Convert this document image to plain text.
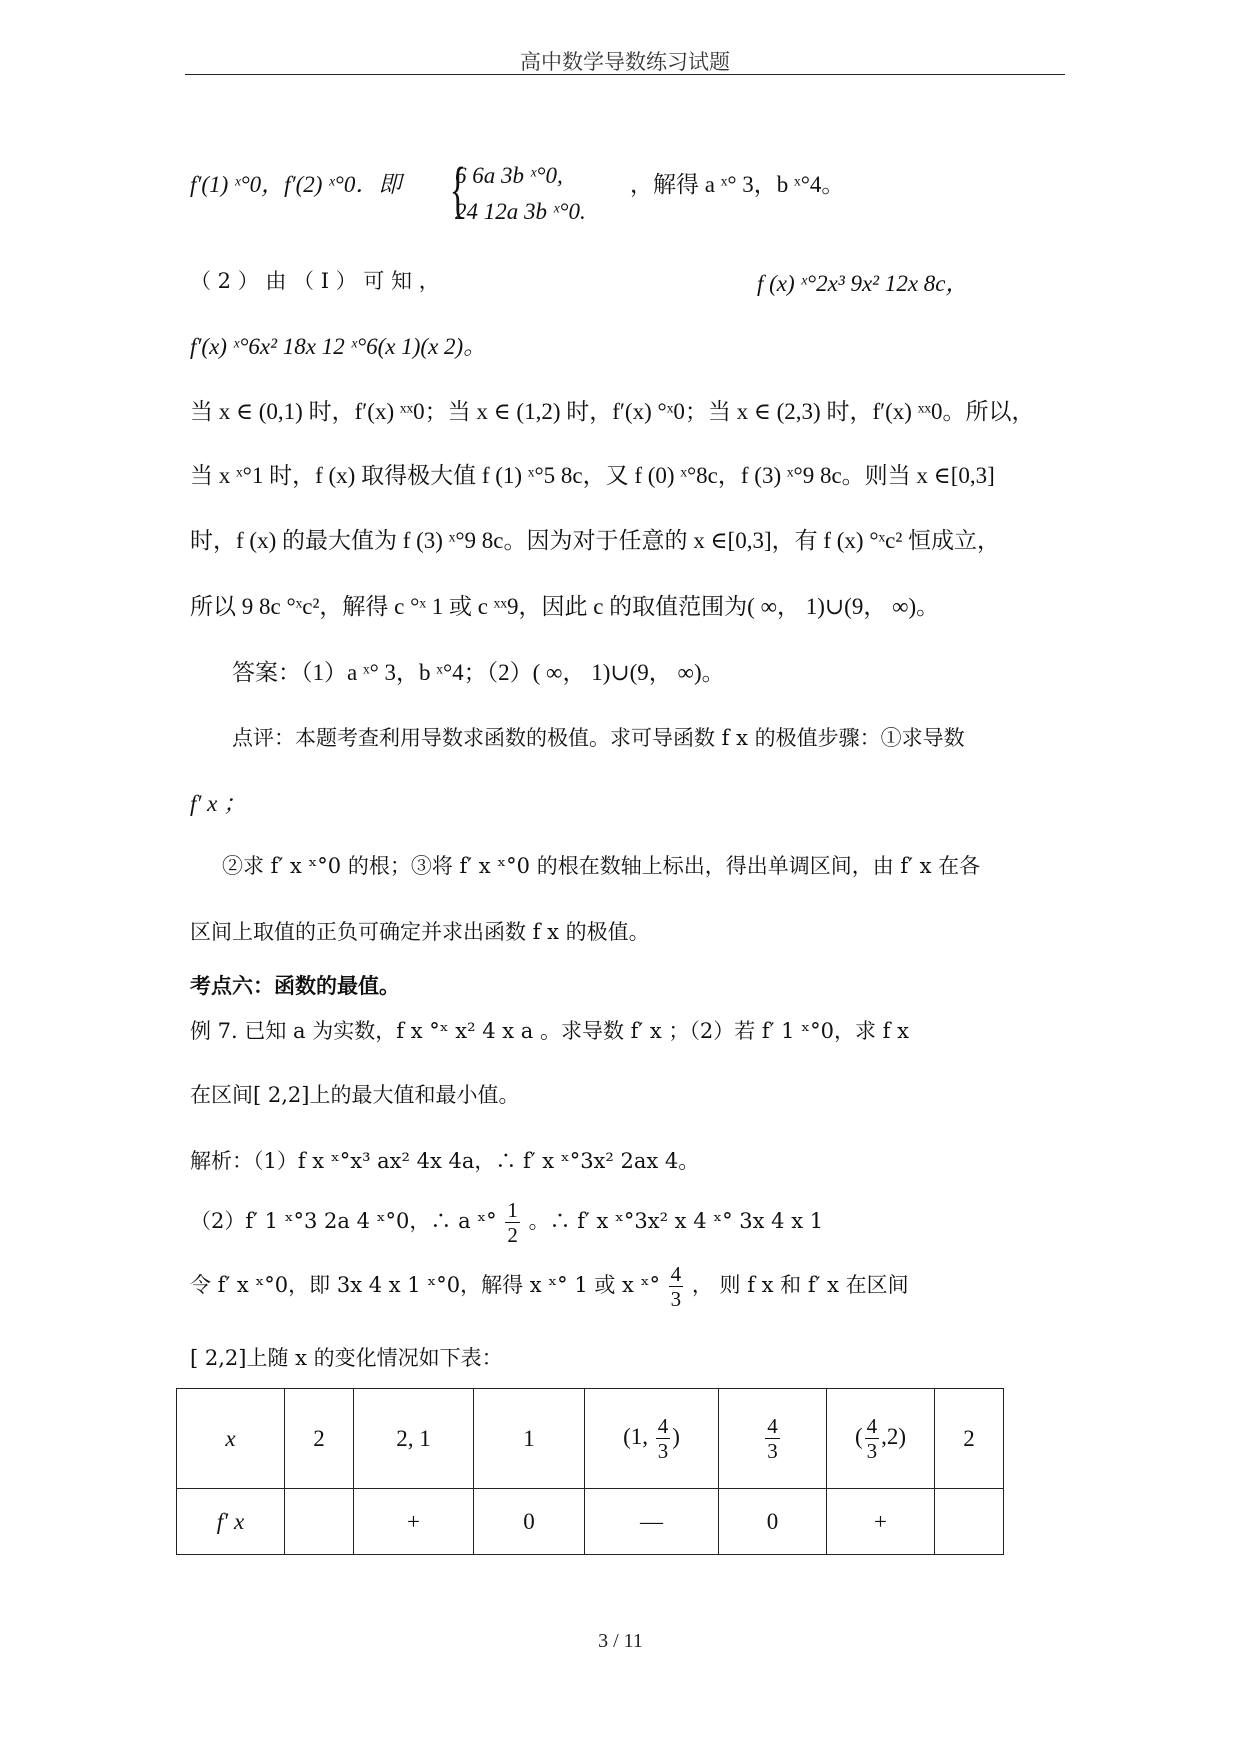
高中数学导数练习试题
f′(1) ˣ°0，f′(2) ˣ°0．即 {
6 6a 3b ˣ°0,
24 12a 3b ˣ°0.
，解得 a ˣ° 3，b ˣ°4。
（ 2 ） 由 （ Ⅰ ） 可 知 ，	f (x) ˣ°2x³ 9x² 12x 8c，
f′(x) ˣ°6x² 18x 12 ˣ°6(x 1)(x 2)。
当 x ∈ (0,1) 时，f′(x) ˣˣ0；当 x ∈ (1,2) 时，f′(x) °ˣ0；当 x ∈ (2,3) 时，f′(x) ˣˣ0。所以，
当 x ˣ°1 时，f (x) 取得极大值 f (1) ˣ°5 8c，又 f (0) ˣ°8c，f (3) ˣ°9 8c。则当 x ∈[0,3]
时，f (x) 的最大值为 f (3) ˣ°9 8c。因为对于任意的 x ∈[0,3]，有 f (x) °ˣc² 恒成立，
所以 9 8c °ˣc²，解得 c °ˣ 1 或 c ˣˣ9，因此 c 的取值范围为( ∞， 1)∪(9， ∞)。
答案：（1）a ˣ° 3，b ˣ°4；（2）( ∞， 1)∪(9， ∞)。
点评：本题考查利用导数求函数的极值。求可导函数 f x 的极值步骤：①求导数
f′ x ；
②求 f′ x ˣ°0 的根；③将 f′ x ˣ°0 的根在数轴上标出，得出单调区间，由 f′ x 在各
区间上取值的正负可确定并求出函数 f x 的极值。
考点六：函数的最值。
例 7. 已知 a 为实数，f x °ˣ x² 4 x a 。求导数 f′ x ；（2）若 f′ 1 ˣ°0，求 f x
在区间[ 2,2]上的最大值和最小值。
解析：（1）f x ˣ°x³ ax² 4x 4a，∴ f′ x ˣ°3x² 2ax 4。
（2）f′ 1 ˣ°3 2a 4 ˣ°0，∴ a ˣ° $\frac{1}{2}$ 。∴ f′ x ˣ°3x² x 4 ˣ° 3x 4 x 1
令 f′ x ˣ°0，即 3x 4 x 1 ˣ°0，解得 x ˣ° 1 或 x ˣ° $\frac{4}{3}$ ， 则 f x 和 f′ x 在区间
[ 2,2]上随 x 的变化情况如下表：
x	2	2, 1	1	(1, $\frac{4}{3}$ )	$\frac{4}{3}$	( $\frac{4}{3} ,2$)	2
f′ x		+	0	—	0	+	
3 / 11
